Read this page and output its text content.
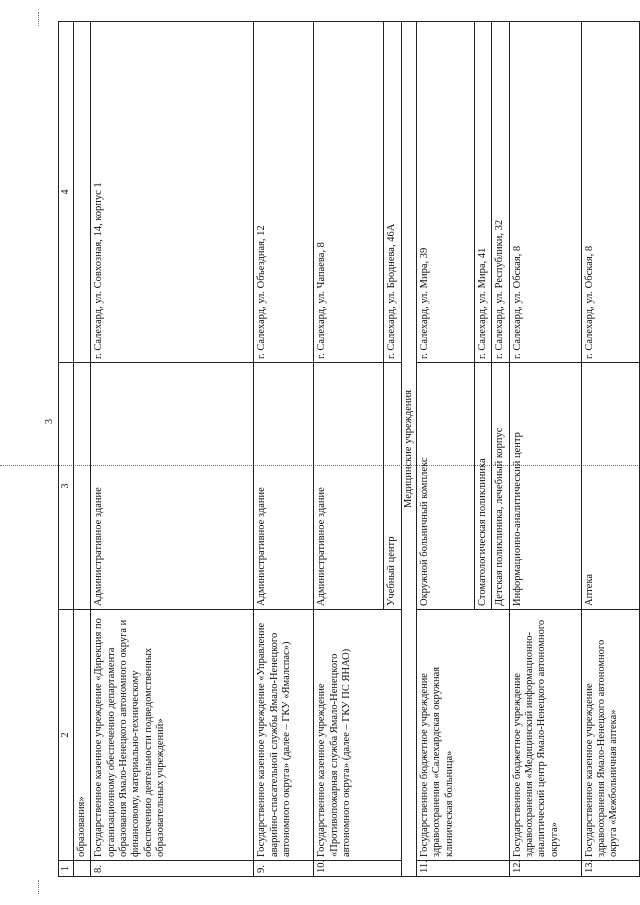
3
1	2	3	4
	образования»		
8.	Государственное казенное учреждение «Дирекция по организационному обеспечению департамента образования Ямало-Ненецкого автономного округа и финансовому, материально-техническому обеспечению деятельности подведомственных образовательных учреждений»	Административное здание	г. Салехард, ул. Совхозная, 14, корпус 1
9.	Государственное казенное учреждение «Управление аварийно-спасательной службы Ямало-Ненецкого автономного округа» (далее – ГКУ «Ямалспас»)	Административное здание	г. Салехард, ул. Объездная, 12
10.	Государственное казенное учреждение «Противопожарная служба Ямало-Ненецкого автономного округа» (далее – ГКУ ПС ЯНАО)	Административное здание	г. Салехард, ул. Чапаева, 8
		Учебный центр	г. Салехард, ул. Броднева, 46А
Медицинские учреждения			
11.	Государственное бюджетное учреждение здравоохранения «Салехардская окружная клиническая больница»	Окружной больничный комплекс	г. Салехард, ул. Мира, 39
		Стоматологическая поликлиника	г. Салехард, ул. Мира, 41
		Детская поликлиника, лечебный корпус	г. Салехард, ул. Республики, 32
12.	Государственное бюджетное учреждение здравоохранения «Медицинский информационно-аналитический центр Ямало-Ненецкого автономного округа»	Информационно-аналитический центр	г. Салехард, ул. Обская, 8
13.	Государственное казенное учреждение здравоохранения Ямало-Ненецкого автономного округа «Межбольничная аптека»	Аптека	г. Салехард, ул. Обская, 8
